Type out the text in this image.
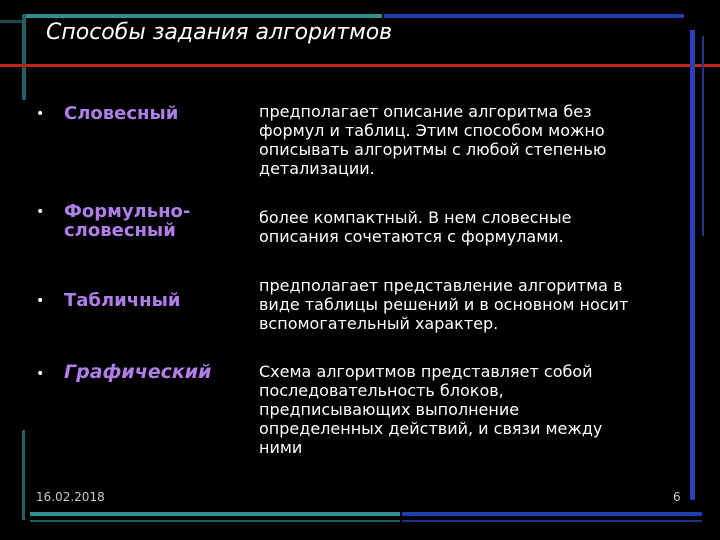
Способы задания алгоритмов
• Словесный	предполагает описание алгоритма без
формул и таблиц. Этим способом можно
описывать алгоритмы с любой степенью
детализации.
• Формульно-
словесный
более компактный. В нем словесные
описания сочетаются с формулами.
• Табличный
предполагает представление алгоритма в
виде таблицы решений и в основном носит
вспомогательный характер.
• Графический	Схема алгоритмов представляет собой
последовательность блоков,
предписывающих выполнение
определенных действий, и связи между
ними
16.02.2018	6
